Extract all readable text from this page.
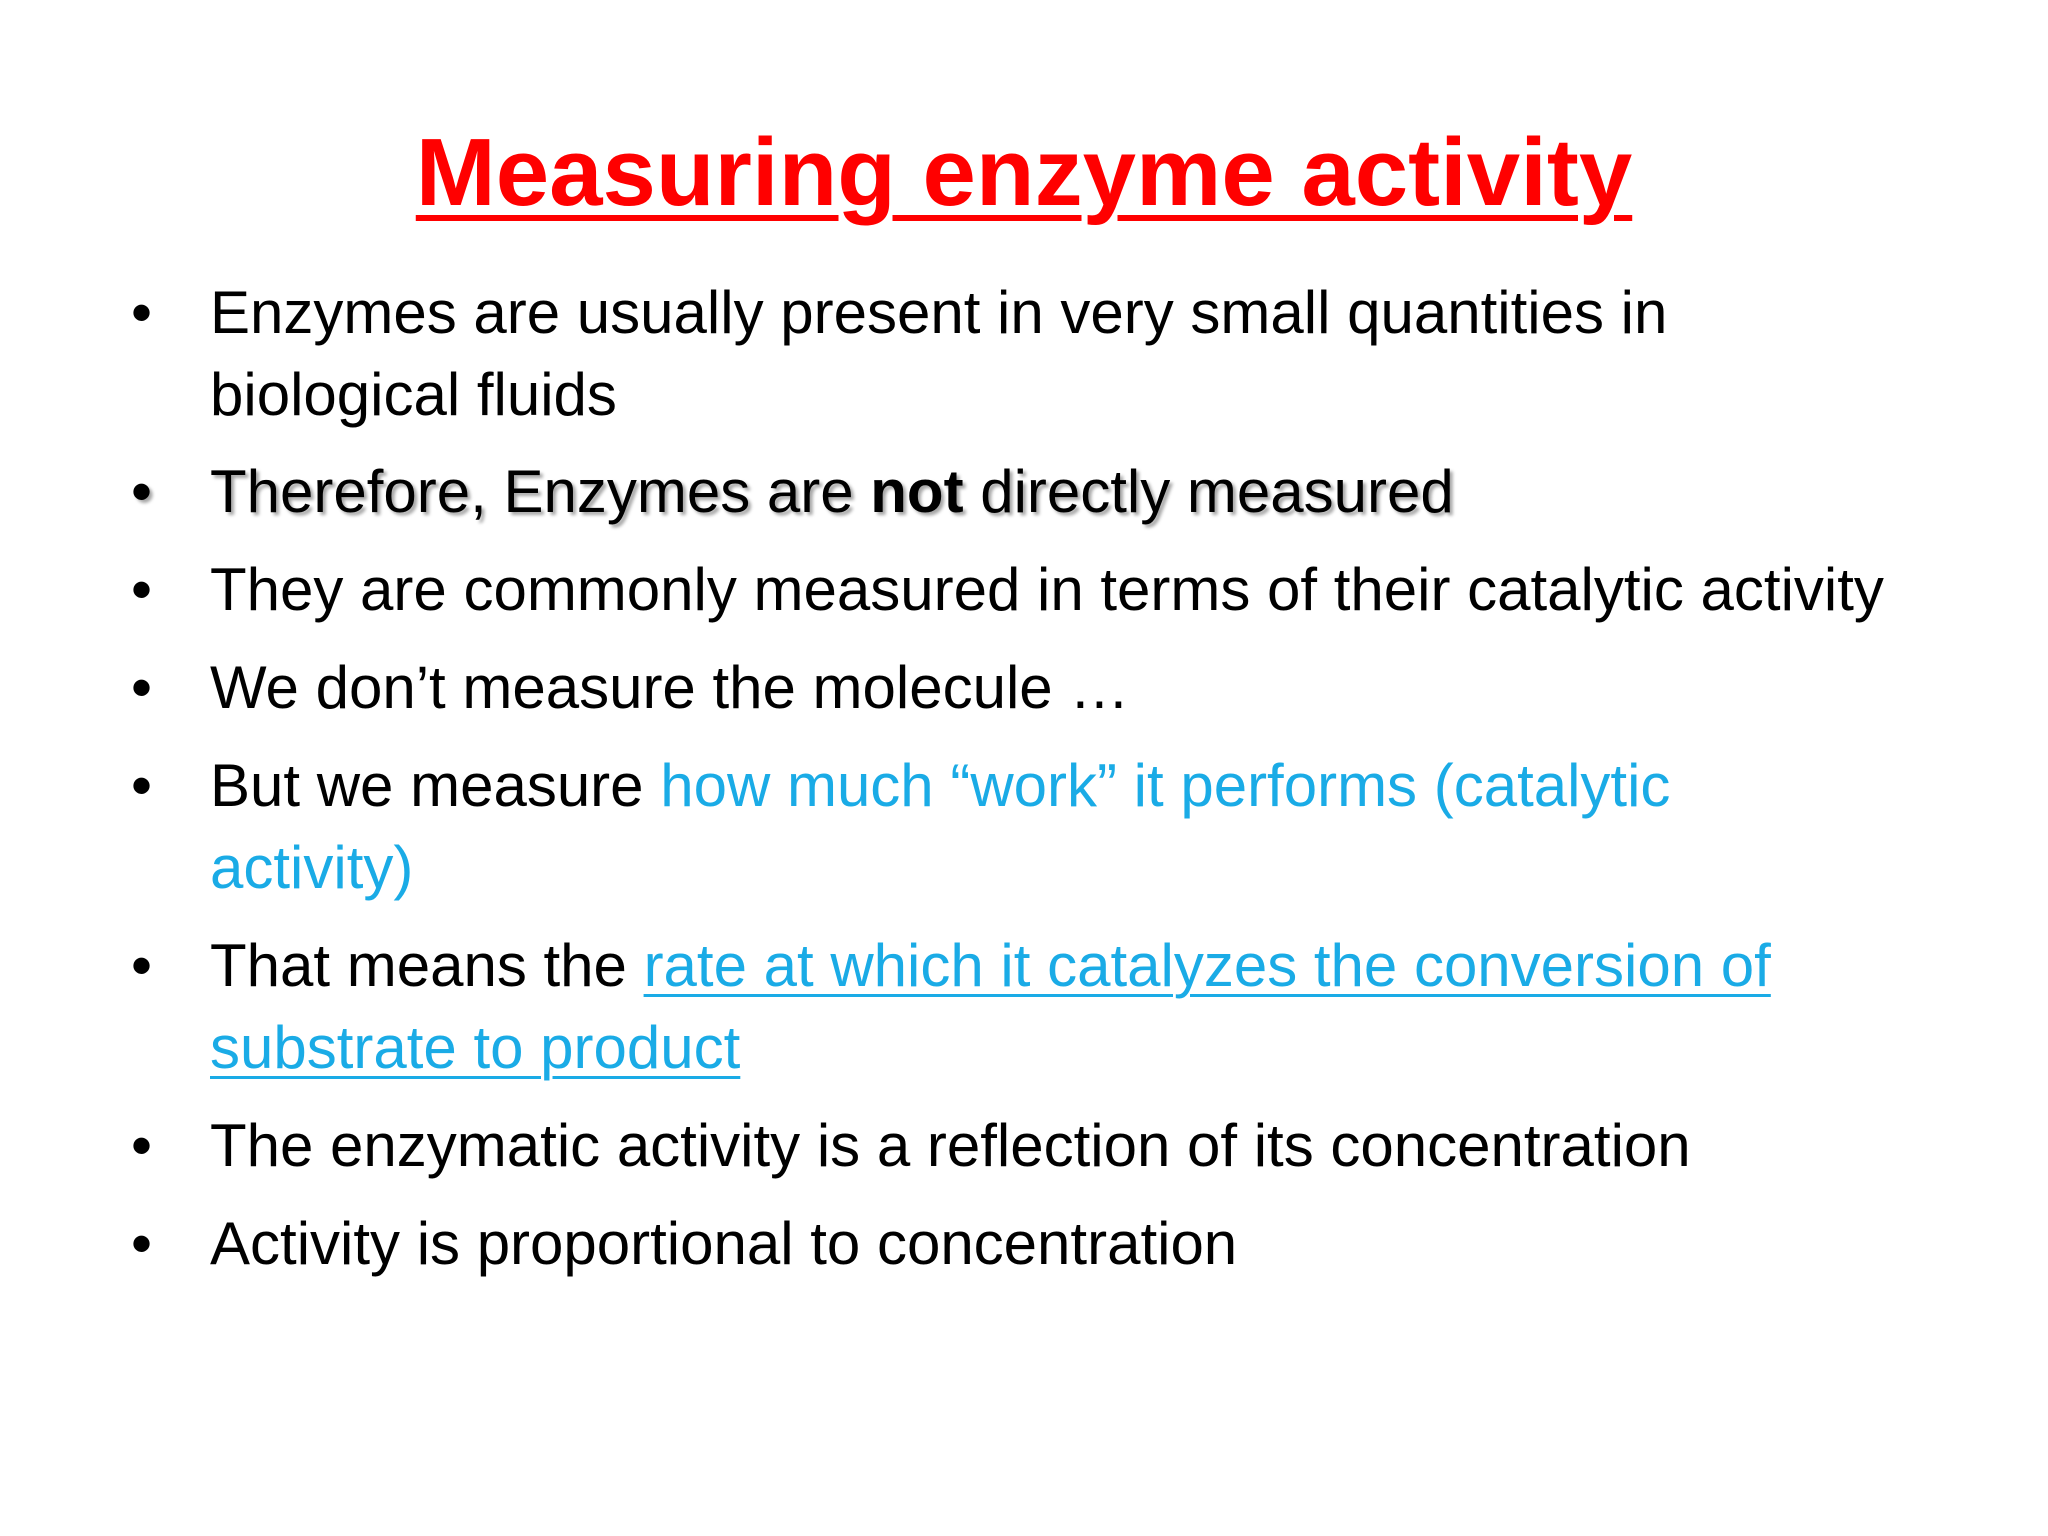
Measuring enzyme activity
• Enzymes are usually present in very small quantities in
biological fluids
• Therefore, Enzymes are not directly measured
• They are commonly measured in terms of their catalytic activity
• We don’t measure the molecule …
• But we measure how much “work” it performs (catalytic
activity)
• That means the rate at which it catalyzes the conversion of
substrate to product
• The enzymatic activity is a reflection of its concentration
• Activity is proportional to concentration
